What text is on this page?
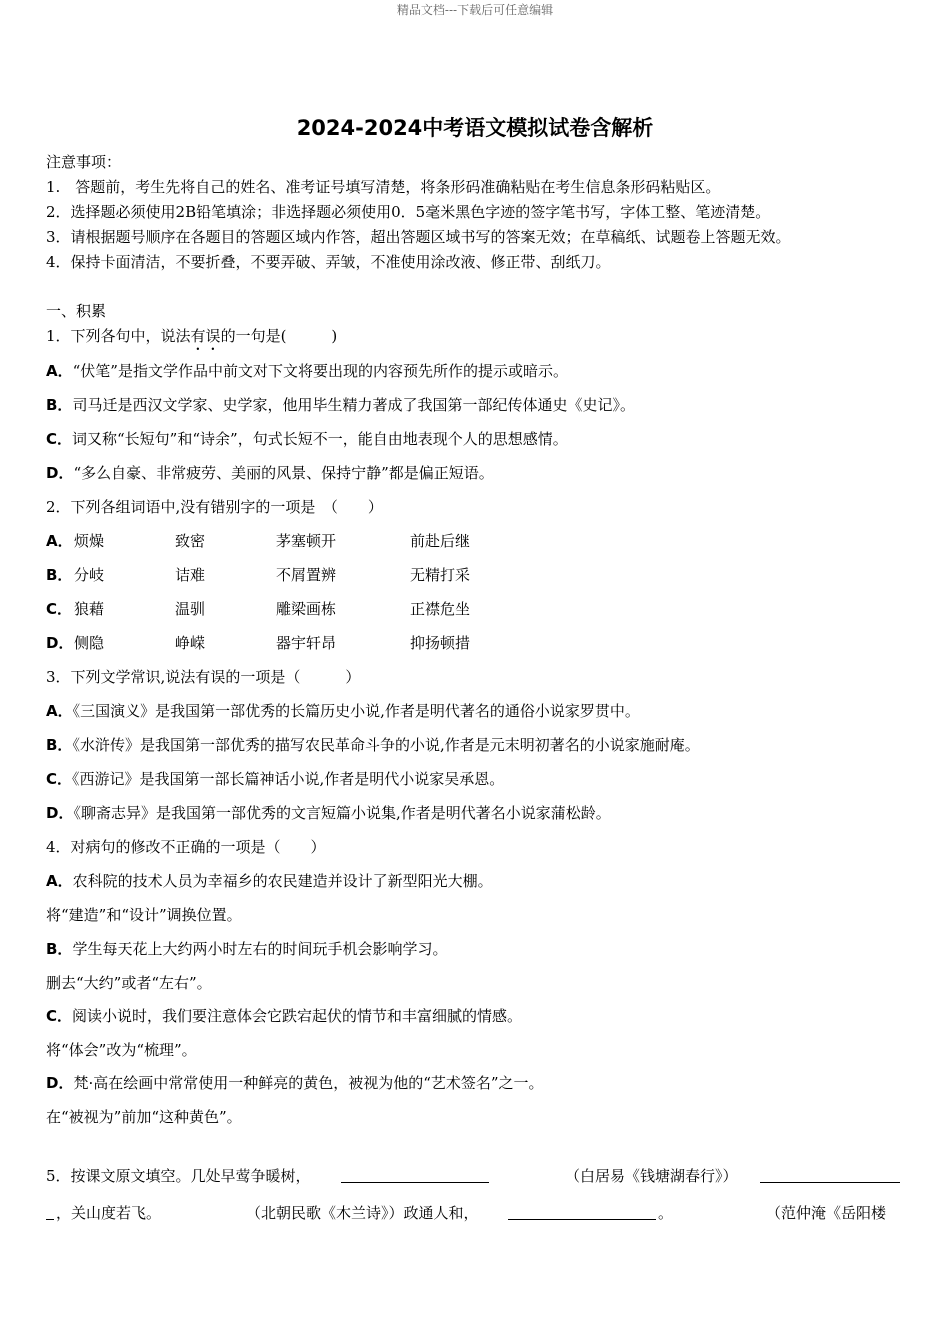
精品文档---下载后可任意编辑
2024-2024中考语文模拟试卷含解析
注意事项：
1.　答题前，考生先将自己的姓名、准考证号填写清楚，将条形码准确粘贴在考生信息条形码粘贴区。
2．选择题必须使用2B铅笔填涂；非选择题必须使用0．5毫米黑色字迹的签字笔书写，字体工整、笔迹清楚。
3．请根据题号顺序在各题目的答题区域内作答，超出答题区域书写的答案无效；在草稿纸、试题卷上答题无效。
4．保持卡面清洁，不要折叠，不要弄破、弄皱，不准使用涂改液、修正带、刮纸刀。
一、积累
1．下列各句中，说法有误的一句是(　　　)
A．“伏笔”是指文学作品中前文对下文将要出现的内容预先所作的提示或暗示。
B．司马迁是西汉文学家、史学家，他用毕生精力著成了我国第一部纪传体通史《史记》。
C．词又称“长短句”和“诗余”，句式长短不一，能自由地表现个人的思想感情。
D．“多么自豪、非常疲劳、美丽的风景、保持宁静”都是偏正短语。
2．下列各组词语中,没有错别字的一项是　（　　）
A． 烦燥	致密	茅塞顿开	前赴后继
B． 分岐	诘难	不屑置辨	无精打采
C． 狼藉	温驯	雕梁画栋	正襟危坐
D． 侧隐	峥嵘	器宇轩昂	抑扬顿措
3．下列文学常识,说法有误的一项是（　　　）
A．《三国演义》是我国第一部优秀的长篇历史小说,作者是明代著名的通俗小说家罗贯中。
B．《水浒传》是我国第一部优秀的描写农民革命斗争的小说,作者是元末明初著名的小说家施耐庵。
C．《西游记》是我国第一部长篇神话小说,作者是明代小说家吴承恩。
D．《聊斋志异》是我国第一部优秀的文言短篇小说集,作者是明代著名小说家蒲松龄。
4．对病句的修改不正确的一项是（　　）
A．农科院的技术人员为幸福乡的农民建造并设计了新型阳光大棚。
将“建造”和“设计”调换位置。
B．学生每天花上大约两小时左右的时间玩手机会影响学习。
删去“大约”或者“左右”。
C．阅读小说时，我们要注意体会它跌宕起伏的情节和丰富细腻的情感。
将“体会”改为“梳理”。
D．梵·高在绘画中常常使用一种鲜亮的黄色，被视为他的“艺术签名”之一。
在“被视为”前加“这种黄色”。
5．按课文原文填空。几处早莺争暖树，	（白居易《钱塘湖春行》）
，关山度若飞。	（北朝民歌《木兰诗》）政通人和，	。	（范仲淹《岳阳楼
